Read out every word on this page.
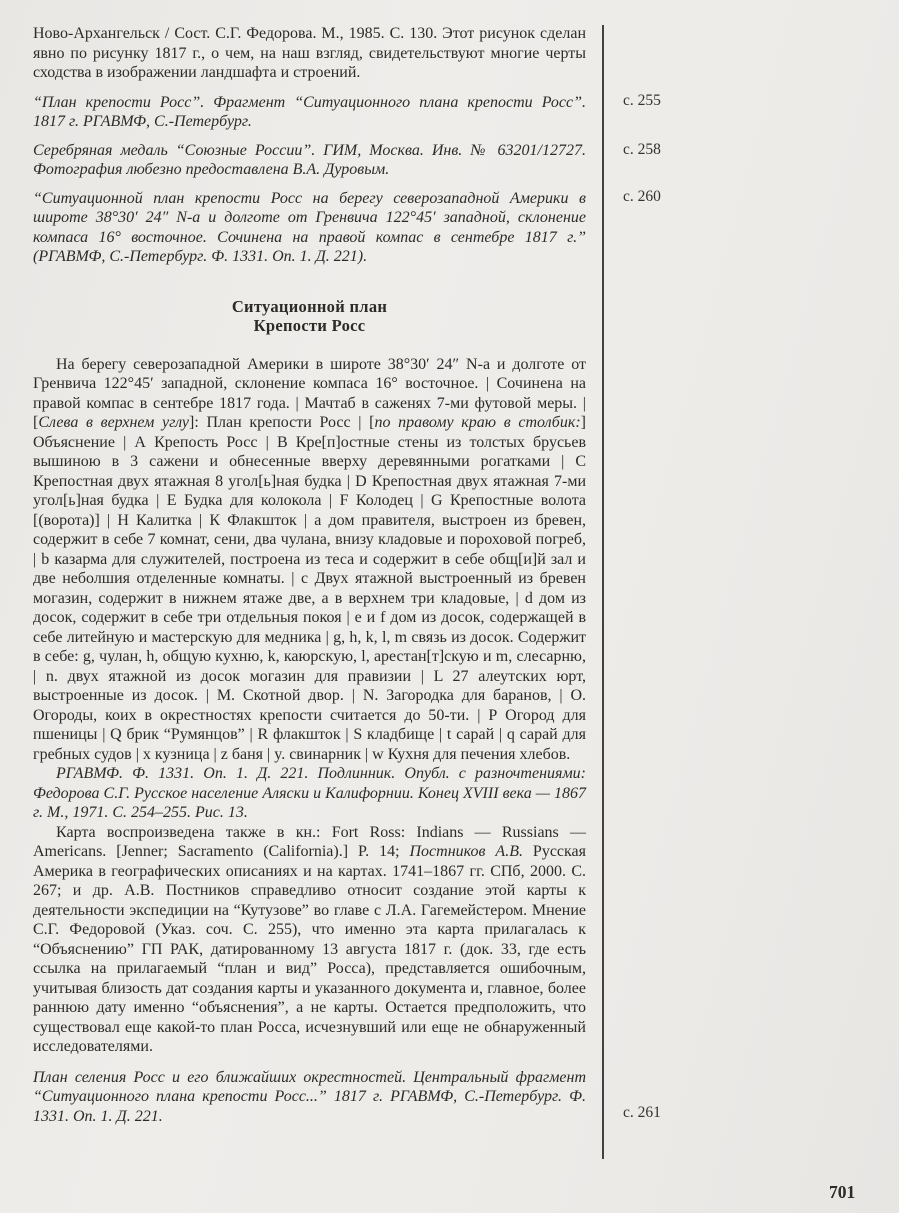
Ново-Архангельск / Сост. С.Г. Федорова. М., 1985. С. 130. Этот рисунок сделан явно по рисунку 1817 г., о чем, на наш взгляд, свидетельствуют многие черты сходства в изображении ландшафта и строений.

“План крепости Росс”. Фрагмент “Ситуационного плана крепости Росс”. 1817 г. РГАВМФ, С.-Петербург.

Серебряная медаль “Союзные России”. ГИМ, Москва. Инв. № 63201/12727. Фотография любезно предоставлена В.А. Дуровым.

“Ситуационной план крепости Росс на берегу северозападной Америки в широте 38°30′ 24″ N-а и долготе от Гренвича 122°45′ западной, склонение компаса 16° восточное. Сочинена на правой компас в сентебре 1817 г.” (РГАВМФ, С.-Петербург. Ф. 1331. Оп. 1. Д. 221).

Ситуационной план
Крепости Росс

На берегу северозападной Америки в широте 38°30′ 24″ N-а и долготе от Гренвича 122°45′ западной, склонение компаса 16° восточное. | Сочинена на правой компас в сентебре 1817 года. | Мачтаб в саженях 7-ми футовой меры. | [Слева в верхнем углу]: План крепости Росс | [по правому краю в столбик:] Объяснение | А Крепость Росс | В Кре[п]остные стены из толстых брусьев вышиною в 3 сажени и обнесенные вверху деревянными рогатками | С Крепостная двух ятажная 8 угол[ь]ная будка | D Крепостная двух ятажная 7-ми угол[ь]ная будка | Е Будка для колокола | F Колодец | G Крепостные волота [(ворота)] | Н Калитка | К Флакшток | а дом правителя, выстроен из бревен, содержит в себе 7 комнат, сени, два чулана, внизу кладовые и пороховой погреб, | b казарма для служителей, построена из теса и содержит в себе общ[и]й зал и две неболшия отделенные комнаты. | с Двух ятажной выстроенный из бревен могазин, содержит в нижнем ятаже две, а в верхнем три кладовые, | d дом из досок, содержит в себе три отдельныя покоя | е и f дом из досок, содержащей в себе литейную и мастерскую для медника | g, h, k, l, m связь из досок. Содержит в себе: g, чулан, h, общую кухню, k, каюрскую, l, арестан[т]скую и m, слесарню, | n. двух ятажной из досок могазин для правизии | L 27 алеутских юрт, выстроенные из досок. | М. Скотной двор. | N. Загородка для баранов, | О. Огороды, коих в окрестностях крепости считается до 50-ти. | Р Огород для пшеницы | Q брик “Румянцов” | R флакшток | S кладбище | t сарай | q сарай для гребных судов | x кузница | z баня | y. свинарник | w Кухня для печения хлебов.

РГАВМФ. Ф. 1331. Оп. 1. Д. 221. Подлинник. Опубл. с разночтениями: Федорова С.Г. Русское население Аляски и Калифорнии. Конец XVIII века — 1867 г. М., 1971. С. 254–255. Рис. 13.

Карта воспроизведена также в кн.: Fort Ross: Indians — Russians — Americans. [Jenner; Sacramento (California).] P. 14; Постников А.В. Русская Америка в географических описаниях и на картах. 1741–1867 гг. СПб, 2000. С. 267; и др. А.В. Постников справедливо относит создание этой карты к деятельности экспедиции на “Кутузове” во главе с Л.А. Гагемейстером. Мнение С.Г. Федоровой (Указ. соч. С. 255), что именно эта карта прилагалась к “Объяснению” ГП РАК, датированному 13 августа 1817 г. (док. 33, где есть ссылка на прилагаемый “план и вид” Росса), представляется ошибочным, учитывая близость дат создания карты и указанного документа и, главное, более раннюю дату именно “объяснения”, а не карты. Остается предположить, что существовал еще какой-то план Росса, исчезнувший или еще не обнаруженный исследователями.

План селения Росс и его ближайших окрестностей. Центральный фрагмент “Ситуационного плана крепости Росс...” 1817 г. РГАВМФ, С.-Петербург. Ф. 1331. Оп. 1. Д. 221.

с. 255
с. 258
с. 260
с. 261
701
